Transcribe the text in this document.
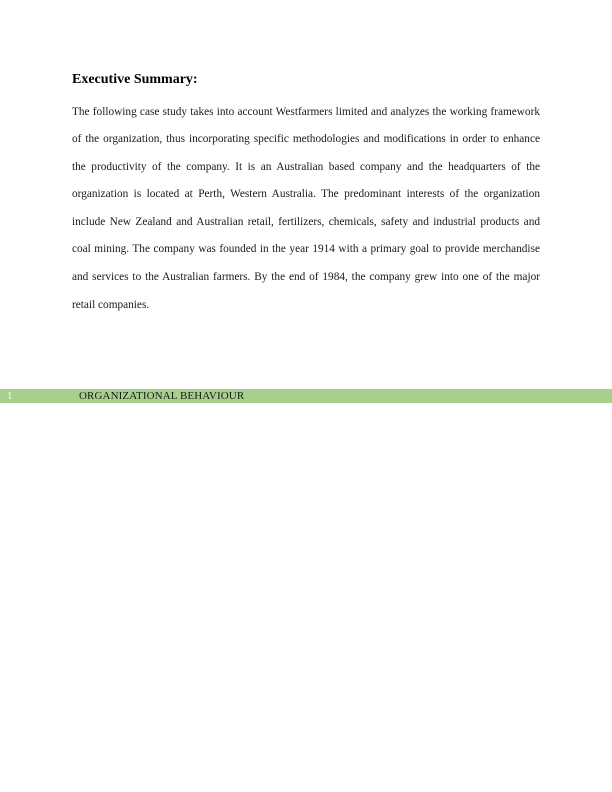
Executive Summary:

The following case study takes into account Westfarmers limited and analyzes the working framework of the organization, thus incorporating specific methodologies and modifications in order to enhance the productivity of the company. It is an Australian based company and the headquarters of the organization is located at Perth, Western Australia. The predominant interests of the organization include New Zealand and Australian retail, fertilizers, chemicals, safety and industrial products and coal mining. The company was founded in the year 1914 with a primary goal to provide merchandise and services to the Australian farmers. By the end of 1984, the company grew into one of the major retail companies.

1	ORGANIZATIONAL BEHAVIOUR
